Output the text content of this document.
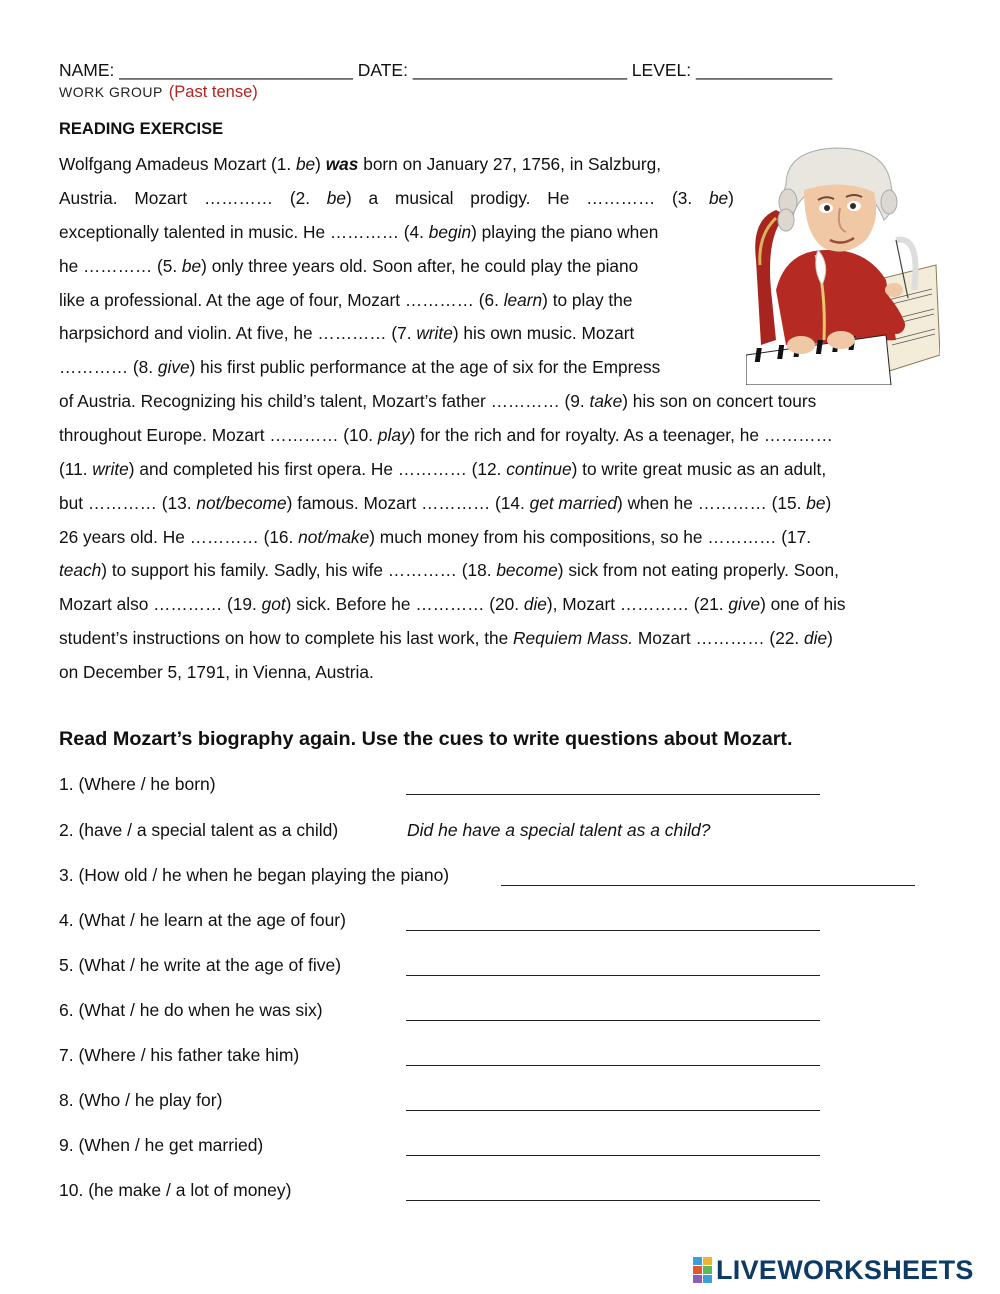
NAME: ________________________ DATE: ______________________ LEVEL: ______________
WORK GROUP (Past tense)
READING EXERCISE
Wolfgang Amadeus Mozart (1. be) was born on January 27, 1756, in Salzburg,
Austria. Mozart ………… (2. be) a musical prodigy. He ………… (3. be)
exceptionally talented in music. He ………… (4. begin) playing the piano when
he ………… (5. be) only three years old. Soon after, he could play the piano
like a professional. At the age of four, Mozart ………… (6. learn) to play the
harpsichord and violin. At five, he ………… (7. write) his own music. Mozart
………… (8. give) his first public performance at the age of six for the Empress
of Austria. Recognizing his child’s talent, Mozart’s father ………… (9. take) his son on concert tours
throughout Europe. Mozart ………… (10. play) for the rich and for royalty. As a teenager, he …………
(11. write) and completed his first opera. He ………… (12. continue) to write great music as an adult,
but ………… (13. not/become) famous. Mozart ………… (14. get married) when he ………… (15. be)
26 years old. He ………… (16. not/make) much money from his compositions, so he ………… (17.
teach) to support his family. Sadly, his wife ………… (18. become) sick from not eating properly. Soon,
Mozart also ………… (19. got) sick. Before he ………… (20. die), Mozart ………… (21. give) one of his
student’s instructions on how to complete his last work, the Requiem Mass. Mozart ………… (22. die)
on December 5, 1791, in Vienna, Austria.
Read Mozart’s biography again. Use the cues to write questions about Mozart.
1. (Where / he born)
2. (have / a special talent as a child)	Did he have a special talent as a child?
3. (How old / he when he began playing the piano)
4. (What / he learn at the age of four)
5. (What / he write at the age of five)
6. (What / he do when he was six)
7. (Where / his father take him)
8. (Who / he play for)
9. (When / he get married)
10. (he make / a lot of money)
LIVEWORKSHEETS
